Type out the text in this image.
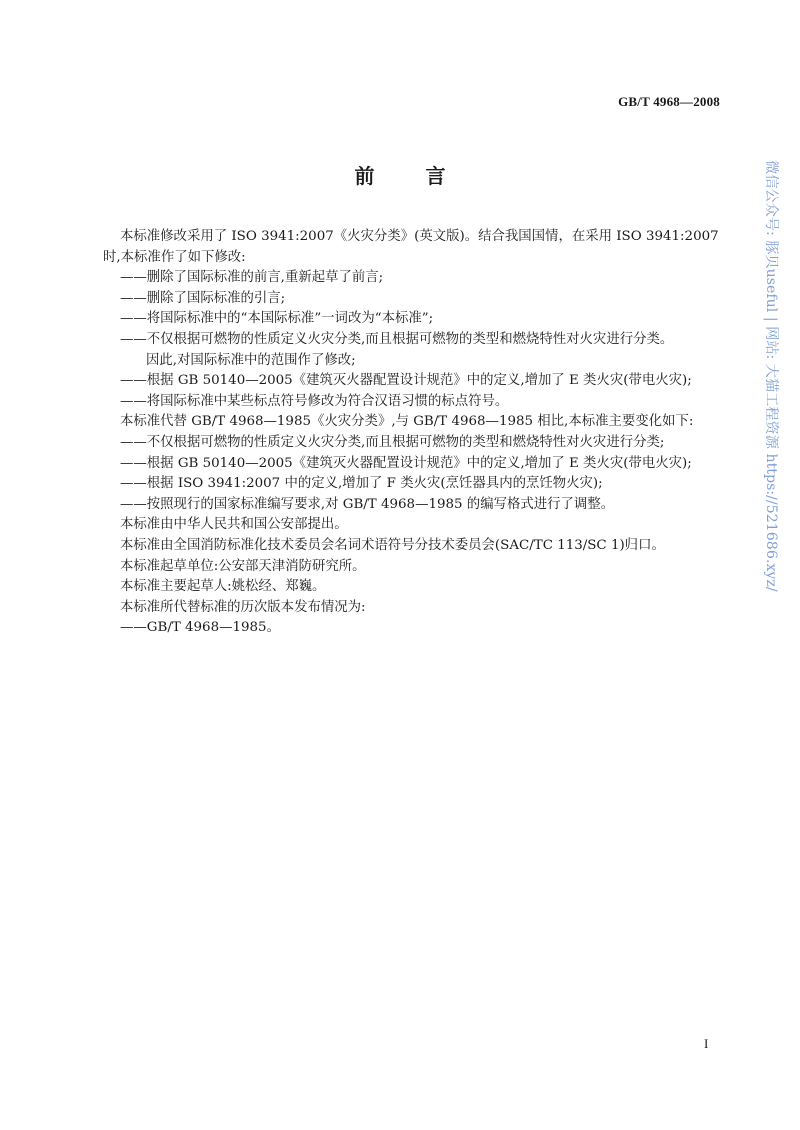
GB/T 4968—2008
前 言
本标准修改采用了 ISO 3941:2007《火灾分类》(英文版)。结合我国国情，在采用 ISO 3941:2007
时,本标准作了如下修改:
——删除了国际标准的前言,重新起草了前言;
——删除了国际标准的引言;
——将国际标准中的“本国际标准”一词改为“本标准”;
——不仅根据可燃物的性质定义火灾分类,而且根据可燃物的类型和燃烧特性对火灾进行分类。
因此,对国际标准中的范围作了修改;
——根据 GB 50140—2005《建筑灭火器配置设计规范》中的定义,增加了 E 类火灾(带电火灾);
——将国际标准中某些标点符号修改为符合汉语习惯的标点符号。
本标准代替 GB/T 4968—1985《火灾分类》,与 GB/T 4968—1985 相比,本标准主要变化如下:
——不仅根据可燃物的性质定义火灾分类,而且根据可燃物的类型和燃烧特性对火灾进行分类;
——根据 GB 50140—2005《建筑灭火器配置设计规范》中的定义,增加了 E 类火灾(带电火灾);
——根据 ISO 3941:2007 中的定义,增加了 F 类火灾(烹饪器具内的烹饪物火灾);
——按照现行的国家标准编写要求,对 GB/T 4968—1985 的编写格式进行了调整。
本标准由中华人民共和国公安部提出。
本标准由全国消防标准化技术委员会名词术语符号分技术委员会(SAC/TC 113/SC 1)归口。
本标准起草单位:公安部天津消防研究所。
本标准主要起草人:姚松经、郑巍。
本标准所代替标准的历次版本发布情况为:
——GB/T 4968—1985。
I
微信公众号: 豚贝useful | 网站: 大猫工程资源 https://521686.xyz/
